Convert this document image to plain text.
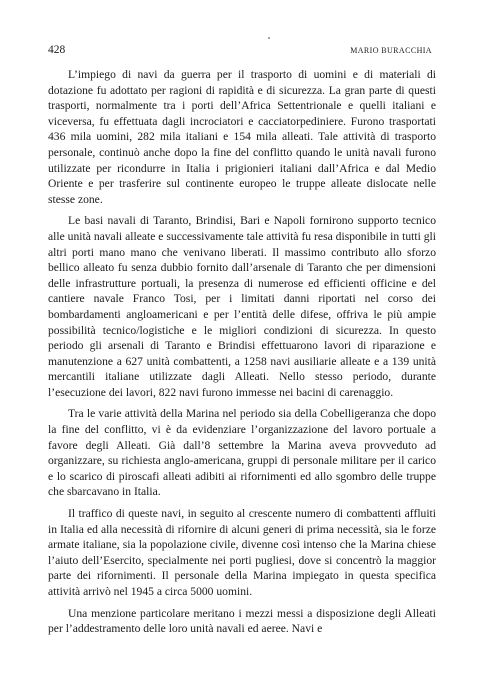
428	MARIO BURACCHIA

L’impiego di navi da guerra per il trasporto di uomini e di materiali di dotazione fu adottato per ragioni di rapidità e di sicurezza. La gran parte di questi trasporti, normalmente tra i porti dell’Africa Settentrionale e quelli italiani e viceversa, fu effettuata dagli incrociatori e cacciatorpediniere. Furono trasportati 436 mila uomini, 282 mila italiani e 154 mila alleati. Tale attività di trasporto personale, continuò anche dopo la fine del conflitto quando le unità navali furono utilizzate per ricondurre in Italia i prigionieri italiani dall’Africa e dal Medio Oriente e per trasferire sul continente europeo le truppe alleate dislocate nelle stesse zone.

Le basi navali di Taranto, Brindisi, Bari e Napoli fornirono supporto tecnico alle unità navali alleate e successivamente tale attività fu resa disponibile in tutti gli altri porti mano mano che venivano liberati. Il massimo contributo allo sforzo bellico alleato fu senza dubbio fornito dall’arsenale di Taranto che per dimensioni delle infrastrutture portuali, la presenza di numerose ed efficienti officine e del cantiere navale Franco Tosi, per i limitati danni riportati nel corso dei bombardamenti angloamericani e per l’entità delle difese, offriva le più ampie possibilità tecnico/logistiche e le migliori condizioni di sicurezza. In questo periodo gli arsenali di Taranto e Brindisi effettuarono lavori di riparazione e manutenzione a 627 unità combattenti, a 1258 navi ausiliarie alleate e a 139 unità mercantili italiane utilizzate dagli Alleati. Nello stesso periodo, durante l’esecuzione dei lavori, 822 navi furono immesse nei bacini di carenaggio.

Tra le varie attività della Marina nel periodo sia della Cobelligeranza che dopo la fine del conflitto, vi è da evidenziare l’organizzazione del lavoro portuale a favore degli Alleati. Già dall’8 settembre la Marina aveva provveduto ad organizzare, su richiesta anglo-americana, gruppi di personale militare per il carico e lo scarico di piroscafi alleati adibiti ai rifornimenti ed allo sgombro delle truppe che sbarcavano in Italia.

Il traffico di queste navi, in seguito al crescente numero di combattenti affluiti in Italia ed alla necessità di rifornire di alcuni generi di prima necessità, sia le forze armate italiane, sia la popolazione civile, divenne così intenso che la Marina chiese l’aiuto dell’Esercito, specialmente nei porti pugliesi, dove si concentrò la maggior parte dei rifornimenti. Il personale della Marina impiegato in questa specifica attività arrivò nel 1945 a circa 5000 uomini.

Una menzione particolare meritano i mezzi messi a disposizione degli Alleati per l’addestramento delle loro unità navali ed aeree. Navi e
